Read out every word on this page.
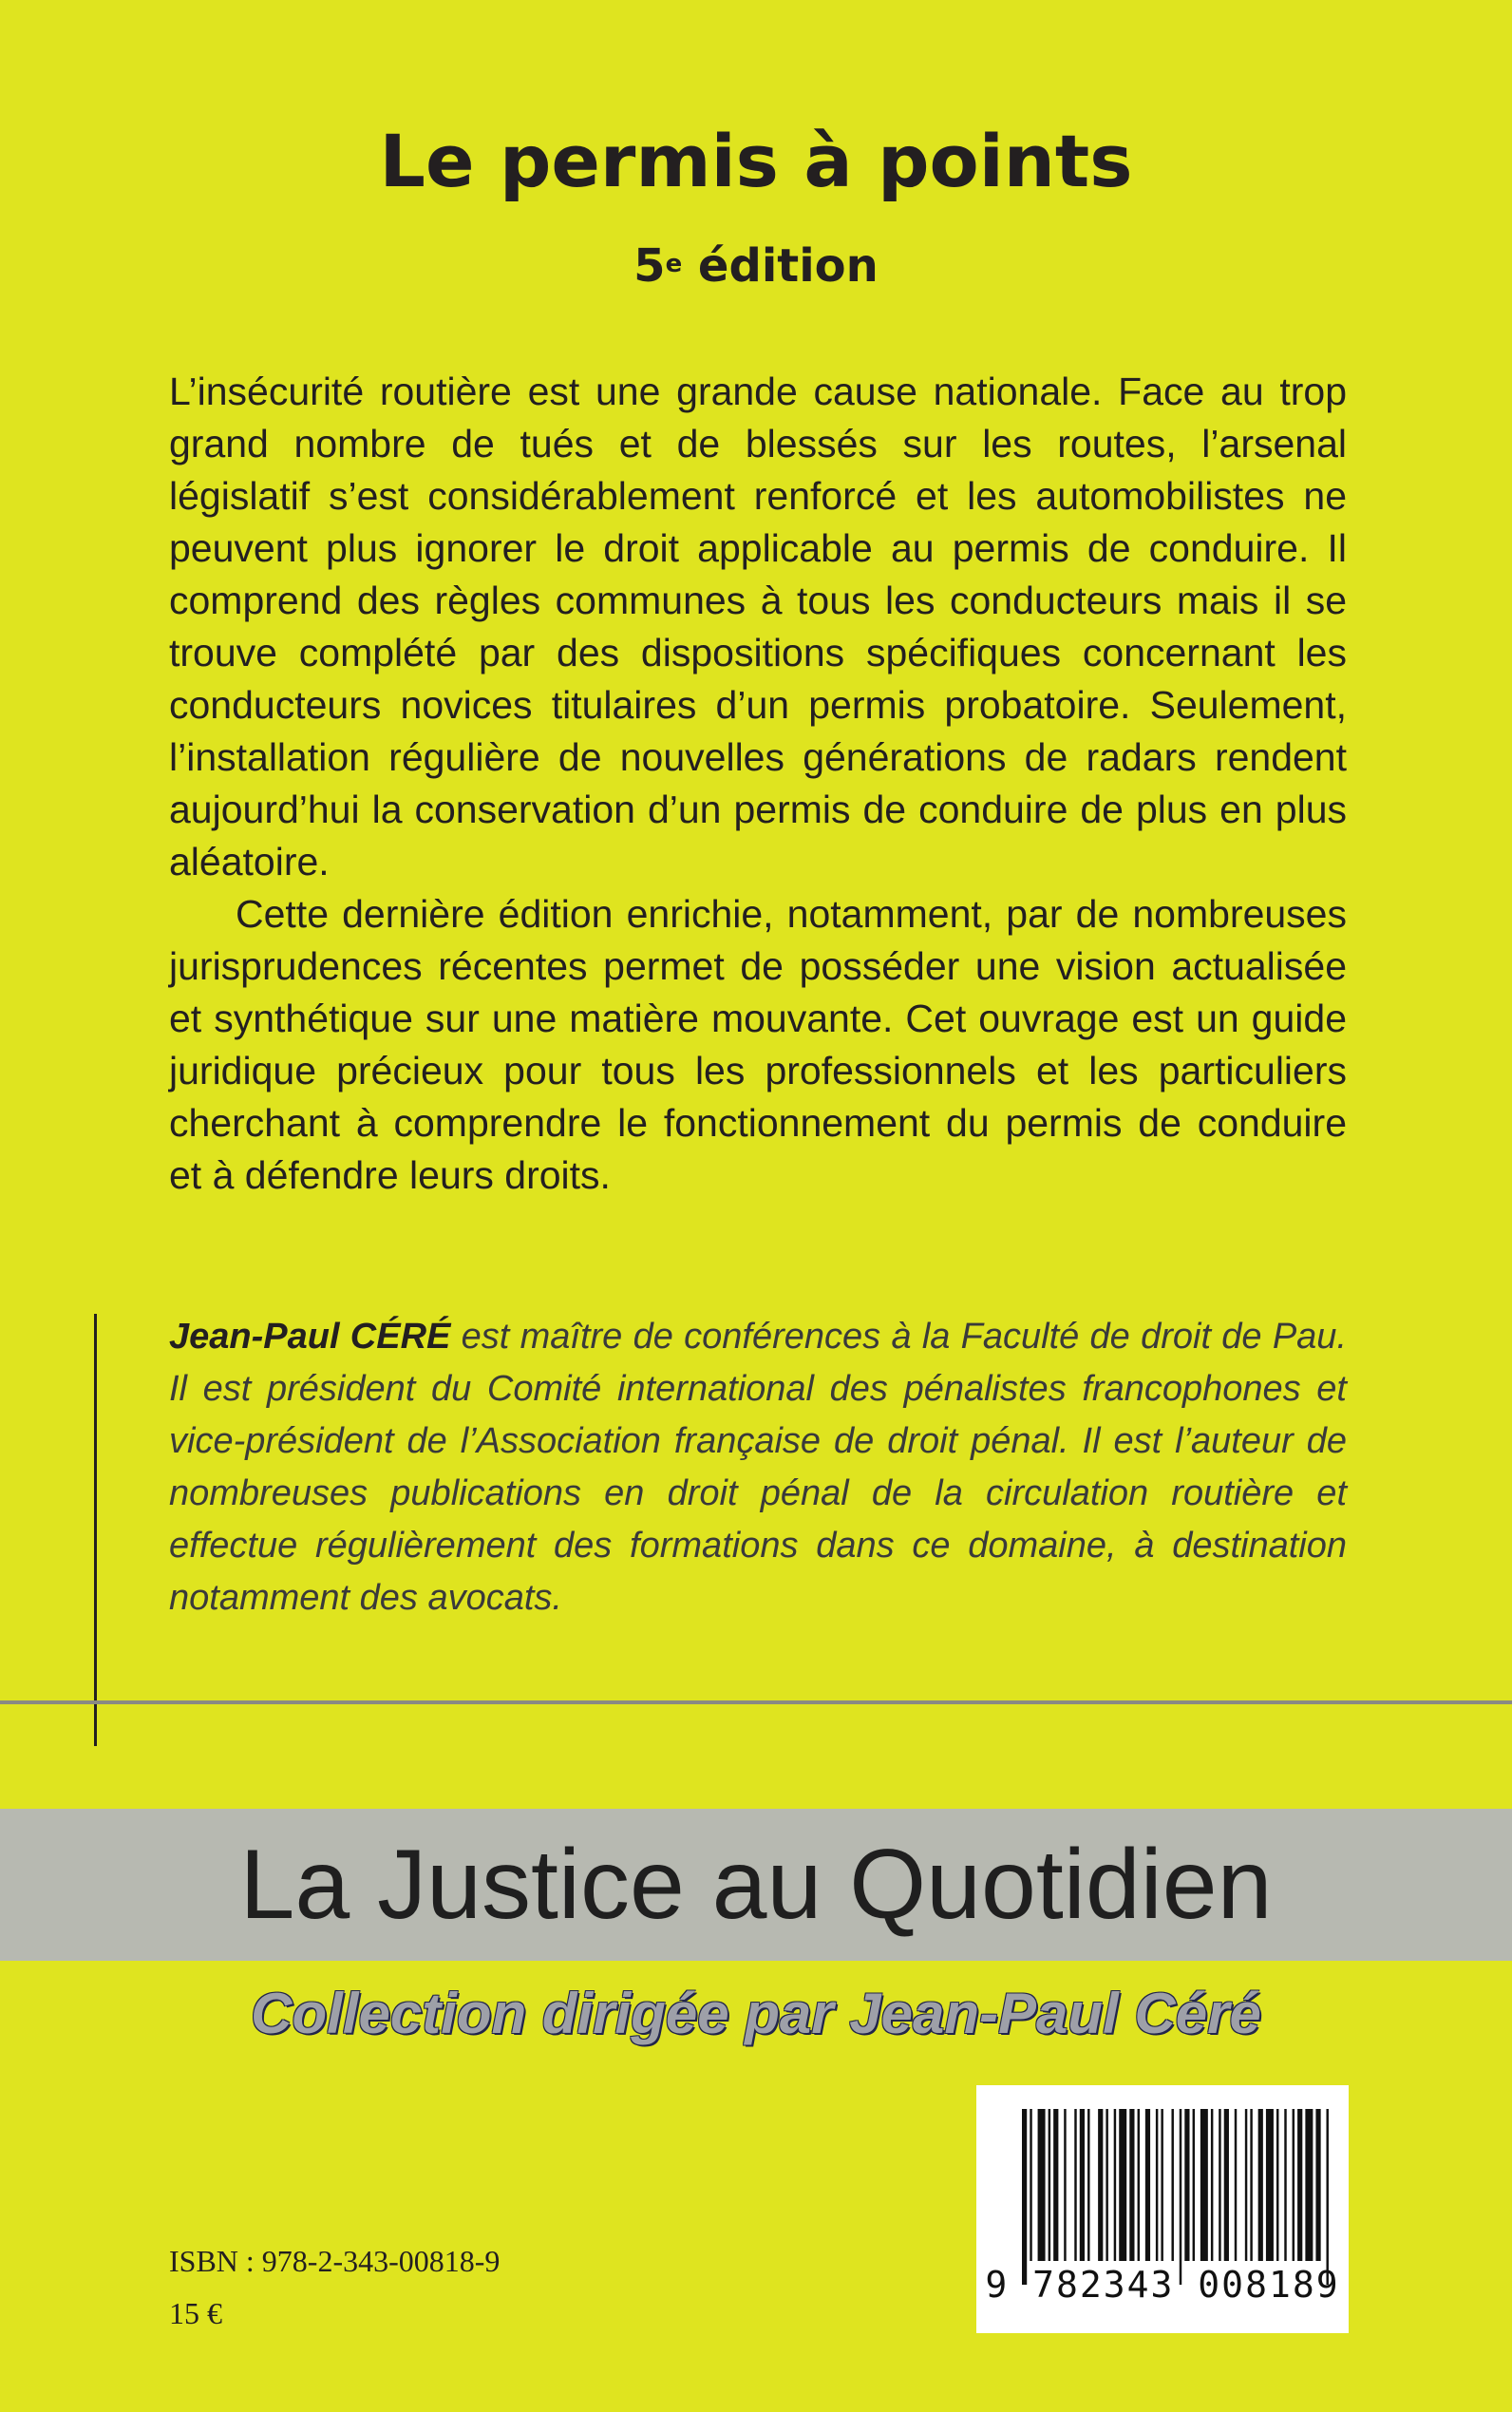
Le permis à points
5e édition

L’insécurité routière est une grande cause nationale. Face au trop grand nombre de tués et de blessés sur les routes, l’arsenal législatif s’est considérablement renforcé et les automobilistes ne peuvent plus ignorer le droit applicable au permis de conduire. Il comprend des règles communes à tous les conducteurs mais il se trouve complété par des dispositions spécifiques concernant les conducteurs novices titulaires d’un permis probatoire. Seulement, l’installation régulière de nouvelles générations de radars rendent aujourd’hui la conservation d’un permis de conduire de plus en plus aléatoire.

Cette dernière édition enrichie, notamment, par de nombreuses jurisprudences récentes permet de posséder une vision actualisée et synthétique sur une matière mouvante. Cet ouvrage est un guide juridique précieux pour tous les professionnels et les particuliers cherchant à comprendre le fonctionnement du permis de conduire et à défendre leurs droits.

Jean-Paul CÉRÉ est maître de conférences à la Faculté de droit de Pau. Il est président du Comité international des pénalistes francophones et vice-président de l’Association française de droit pénal. Il est l’auteur de nombreuses publications en droit pénal de la circulation routière et effectue régulièrement des formations dans ce domaine, à destination notamment des avocats.
La Justice au Quotidien
Collection dirigée par Jean-Paul Céré
9 782343 008189
ISBN : 978-2-343-00818-9
15 €
